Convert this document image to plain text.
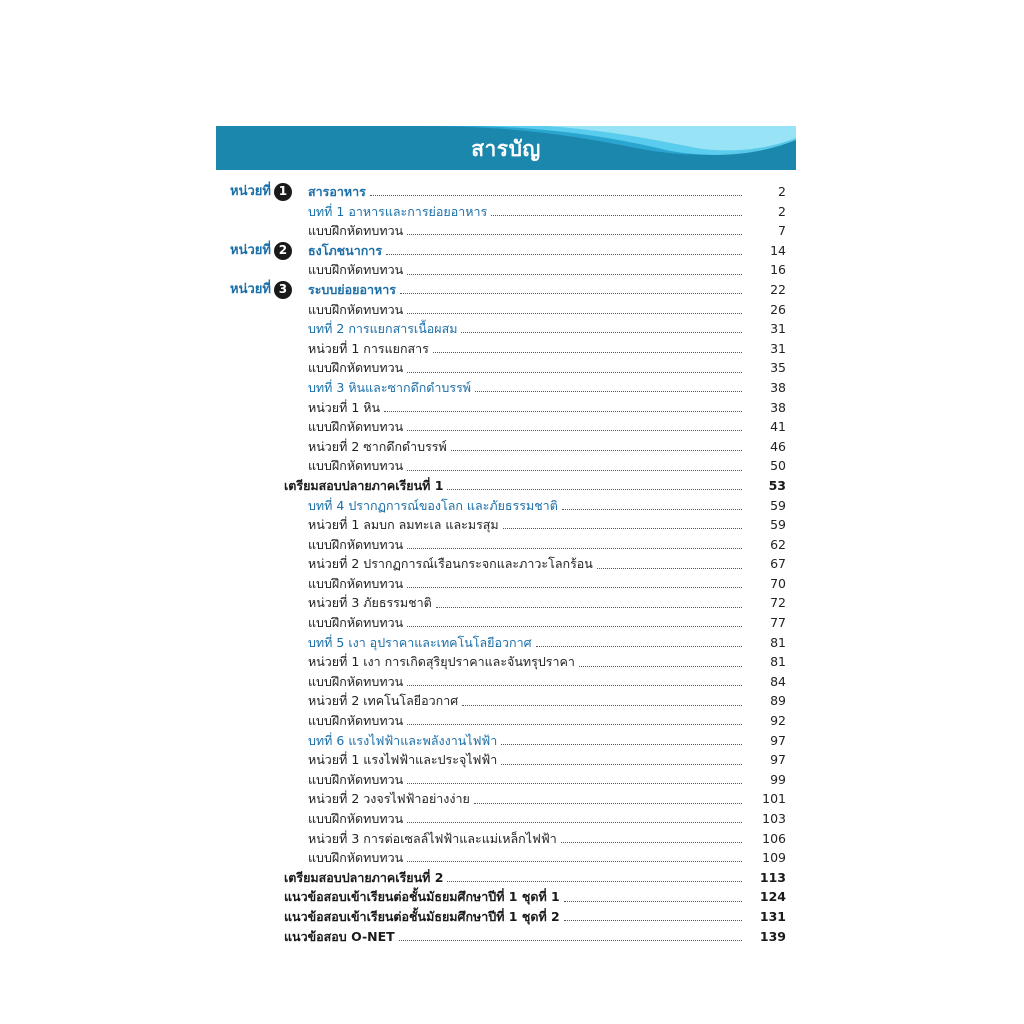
สารบัญ
หน่วยที่ 1	สารอาหาร	2
บทที่ 1 อาหารและการย่อยอาหาร	2
แบบฝึกหัดทบทวน	7
หน่วยที่ 2	ธงโภชนาการ	14
แบบฝึกหัดทบทวน	16
หน่วยที่ 3	ระบบย่อยอาหาร	22
แบบฝึกหัดทบทวน	26
บทที่ 2 การแยกสารเนื้อผสม	31
หน่วยที่ 1 การแยกสาร	31
แบบฝึกหัดทบทวน	35
บทที่ 3 หินและซากดึกดำบรรพ์	38
หน่วยที่ 1 หิน	38
แบบฝึกหัดทบทวน	41
หน่วยที่ 2 ซากดึกดำบรรพ์	46
แบบฝึกหัดทบทวน	50
เตรียมสอบปลายภาคเรียนที่ 1	53
บทที่ 4 ปรากฏการณ์ของโลก และภัยธรรมชาติ	59
หน่วยที่ 1 ลมบก ลมทะเล และมรสุม	59
แบบฝึกหัดทบทวน	62
หน่วยที่ 2 ปรากฏการณ์เรือนกระจกและภาวะโลกร้อน	67
แบบฝึกหัดทบทวน	70
หน่วยที่ 3 ภัยธรรมชาติ	72
แบบฝึกหัดทบทวน	77
บทที่ 5 เงา อุปราคาและเทคโนโลยีอวกาศ	81
หน่วยที่ 1 เงา การเกิดสุริยุปราคาและจันทรุปราคา	81
แบบฝึกหัดทบทวน	84
หน่วยที่ 2 เทคโนโลยีอวกาศ	89
แบบฝึกหัดทบทวน	92
บทที่ 6 แรงไฟฟ้าและพลังงานไฟฟ้า	97
หน่วยที่ 1 แรงไฟฟ้าและประจุไฟฟ้า	97
แบบฝึกหัดทบทวน	99
หน่วยที่ 2 วงจรไฟฟ้าอย่างง่าย	101
แบบฝึกหัดทบทวน	103
หน่วยที่ 3 การต่อเซลล์ไฟฟ้าและแม่เหล็กไฟฟ้า	106
แบบฝึกหัดทบทวน	109
เตรียมสอบปลายภาคเรียนที่ 2	113
แนวข้อสอบเข้าเรียนต่อชั้นมัธยมศึกษาปีที่ 1 ชุดที่ 1	124
แนวข้อสอบเข้าเรียนต่อชั้นมัธยมศึกษาปีที่ 1 ชุดที่ 2	131
แนวข้อสอบ O-NET	139
